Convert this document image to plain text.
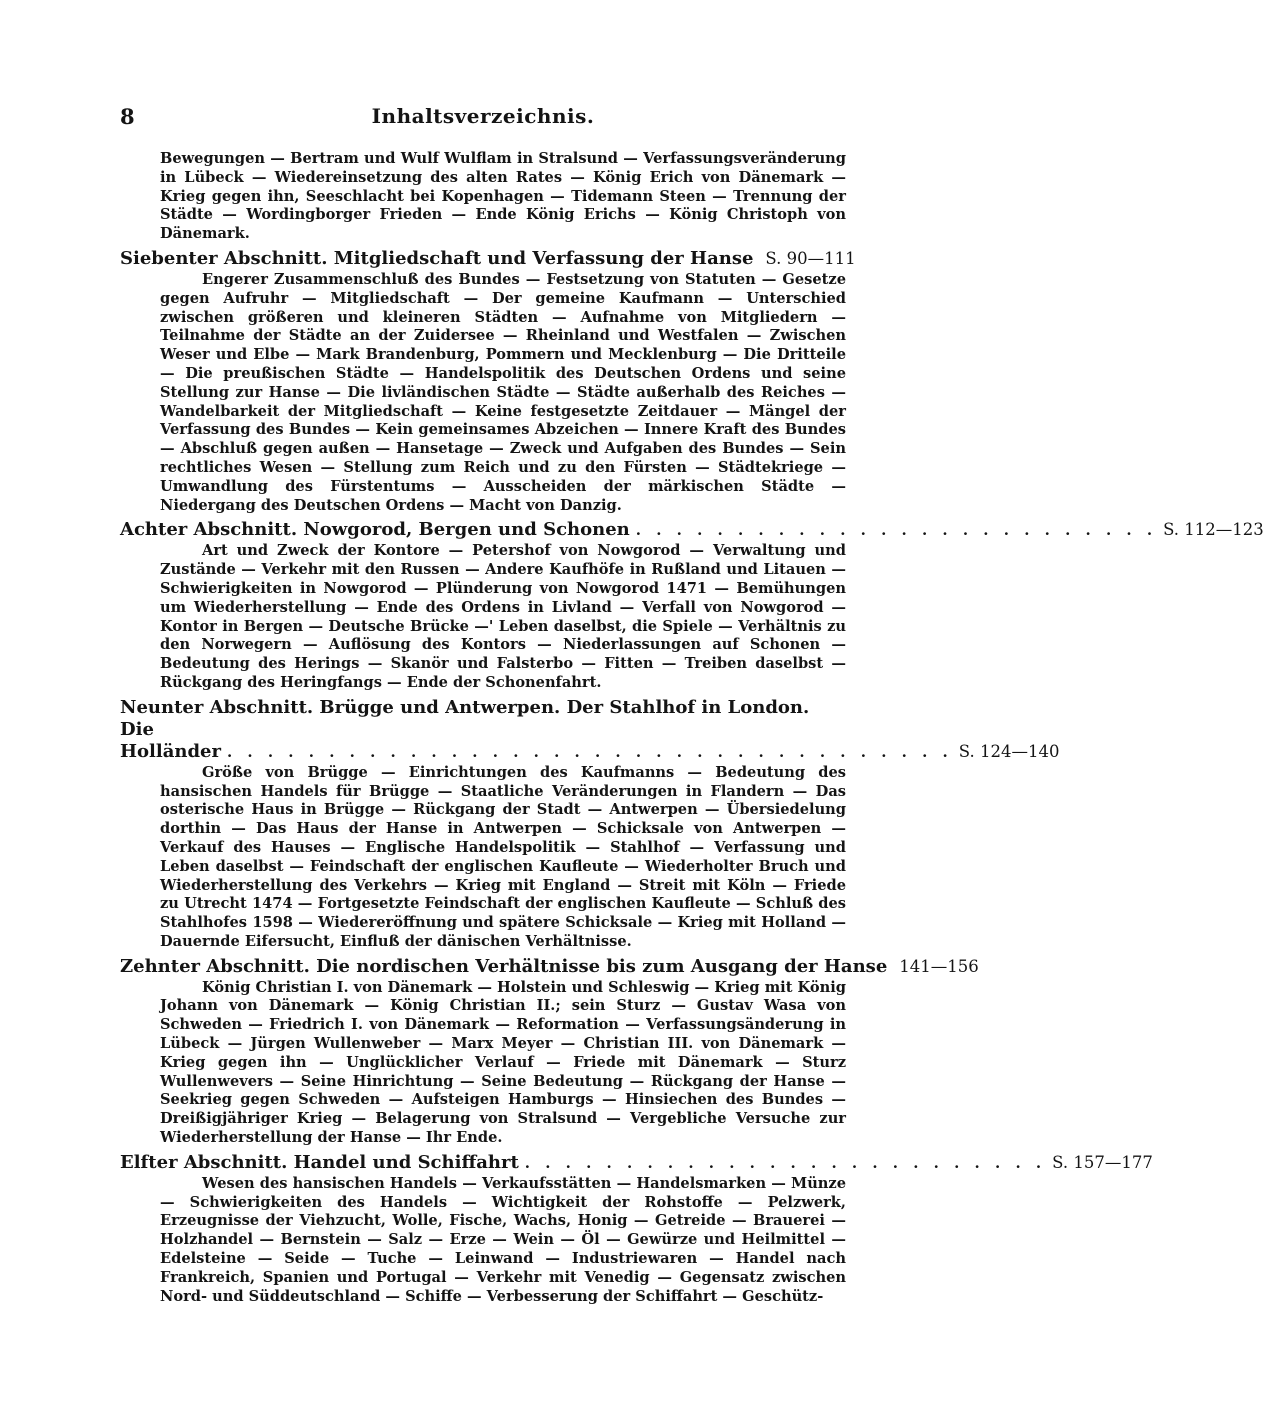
8	Inhaltsverzeichnis.

Bewegungen — Bertram und Wulf Wulflam in Stralsund — Verfassungsveränderung in Lübeck — Wiedereinsetzung des alten Rates — König Erich von Dänemark — Krieg gegen ihn, Seeschlacht bei Kopenhagen — Tidemann Steen — Trennung der Städte — Wordingborger Frieden — Ende König Erichs — König Christoph von Dänemark.

Siebenter Abschnitt. Mitgliedschaft und Verfassung der Hanse S. 90—111

Engerer Zusammenschluß des Bundes — Festsetzung von Statuten — Gesetze gegen Aufruhr — Mitgliedschaft — Der gemeine Kaufmann — Unterschied zwischen größeren und kleineren Städten — Aufnahme von Mitgliedern — Teilnahme der Städte an der Zuidersee — Rheinland und Westfalen — Zwischen Weser und Elbe — Mark Brandenburg, Pommern und Mecklenburg — Die Dritteile — Die preußischen Städte — Handelspolitik des Deutschen Ordens und seine Stellung zur Hanse — Die livländischen Städte — Städte außerhalb des Reiches — Wandelbarkeit der Mitgliedschaft — Keine festgesetzte Zeitdauer — Mängel der Verfassung des Bundes — Kein gemeinsames Abzeichen — Innere Kraft des Bundes — Abschluß gegen außen — Hansetage — Zweck und Aufgaben des Bundes — Sein rechtliches Wesen — Stellung zum Reich und zu den Fürsten — Städtekriege — Umwandlung des Fürstentums — Ausscheiden der märkischen Städte — Niedergang des Deutschen Ordens — Macht von Danzig.

Achter Abschnitt. Nowgorod, Bergen und Schonen . . . . . . . . . . . . . . . . . . . . . . . . . . S. 112—123

Art und Zweck der Kontore — Petershof von Nowgorod — Verwaltung und Zustände — Verkehr mit den Russen — Andere Kaufhöfe in Rußland und Litauen — Schwierigkeiten in Nowgorod — Plünderung von Nowgorod 1471 — Bemühungen um Wiederherstellung — Ende des Ordens in Livland — Verfall von Nowgorod — Kontor in Bergen — Deutsche Brücke —' Leben daselbst, die Spiele — Verhältnis zu den Norwegern — Auflösung des Kontors — Niederlassungen auf Schonen — Bedeutung des Herings — Skanör und Falsterbo — Fitten — Treiben daselbst — Rückgang des Heringfangs — Ende der Schonenfahrt.

Neunter Abschnitt. Brügge und Antwerpen. Der Stahlhof in London. Die
Holländer . . . . . . . . . . . . . . . . . . . . . . . . . . . . . . . . . . . . S. 124—140

Größe von Brügge — Einrichtungen des Kaufmanns — Bedeutung des hansischen Handels für Brügge — Staatliche Veränderungen in Flandern — Das osterische Haus in Brügge — Rückgang der Stadt — Antwerpen — Übersiedelung dorthin — Das Haus der Hanse in Antwerpen — Schicksale von Antwerpen — Verkauf des Hauses — Englische Handelspolitik — Stahlhof — Verfassung und Leben daselbst — Feindschaft der englischen Kaufleute — Wiederholter Bruch und Wiederherstellung des Verkehrs — Krieg mit England — Streit mit Köln — Friede zu Utrecht 1474 — Fortgesetzte Feindschaft der englischen Kaufleute — Schluß des Stahlhofes 1598 — Wiedereröffnung und spätere Schicksale — Krieg mit Holland — Dauernde Eifersucht, Einfluß der dänischen Verhältnisse.

Zehnter Abschnitt. Die nordischen Verhältnisse bis zum Ausgang der Hanse 141—156

König Christian I. von Dänemark — Holstein und Schleswig — Krieg mit König Johann von Dänemark — König Christian II.; sein Sturz — Gustav Wasa von Schweden — Friedrich I. von Dänemark — Reformation — Verfassungsänderung in Lübeck — Jürgen Wullenweber — Marx Meyer — Christian III. von Dänemark — Krieg gegen ihn — Unglücklicher Verlauf — Friede mit Dänemark — Sturz Wullenwevers — Seine Hinrichtung — Seine Bedeutung — Rückgang der Hanse — Seekrieg gegen Schweden — Aufsteigen Hamburgs — Hinsiechen des Bundes — Dreißigjähriger Krieg — Belagerung von Stralsund — Vergebliche Versuche zur Wiederherstellung der Hanse — Ihr Ende.

Elfter Abschnitt. Handel und Schiffahrt . . . . . . . . . . . . . . . . . . . . . . . . . . S. 157—177

Wesen des hansischen Handels — Verkaufsstätten — Handelsmarken — Münze — Schwierigkeiten des Handels — Wichtigkeit der Rohstoffe — Pelzwerk, Erzeugnisse der Viehzucht, Wolle, Fische, Wachs, Honig — Getreide — Brauerei — Holzhandel — Bernstein — Salz — Erze — Wein — Öl — Gewürze und Heilmittel — Edelsteine — Seide — Tuche — Leinwand — Industriewaren — Handel nach Frankreich, Spanien und Portugal — Verkehr mit Venedig — Gegensatz zwischen Nord- und Süddeutschland — Schiffe — Verbesserung der Schiffahrt — Geschütz-
